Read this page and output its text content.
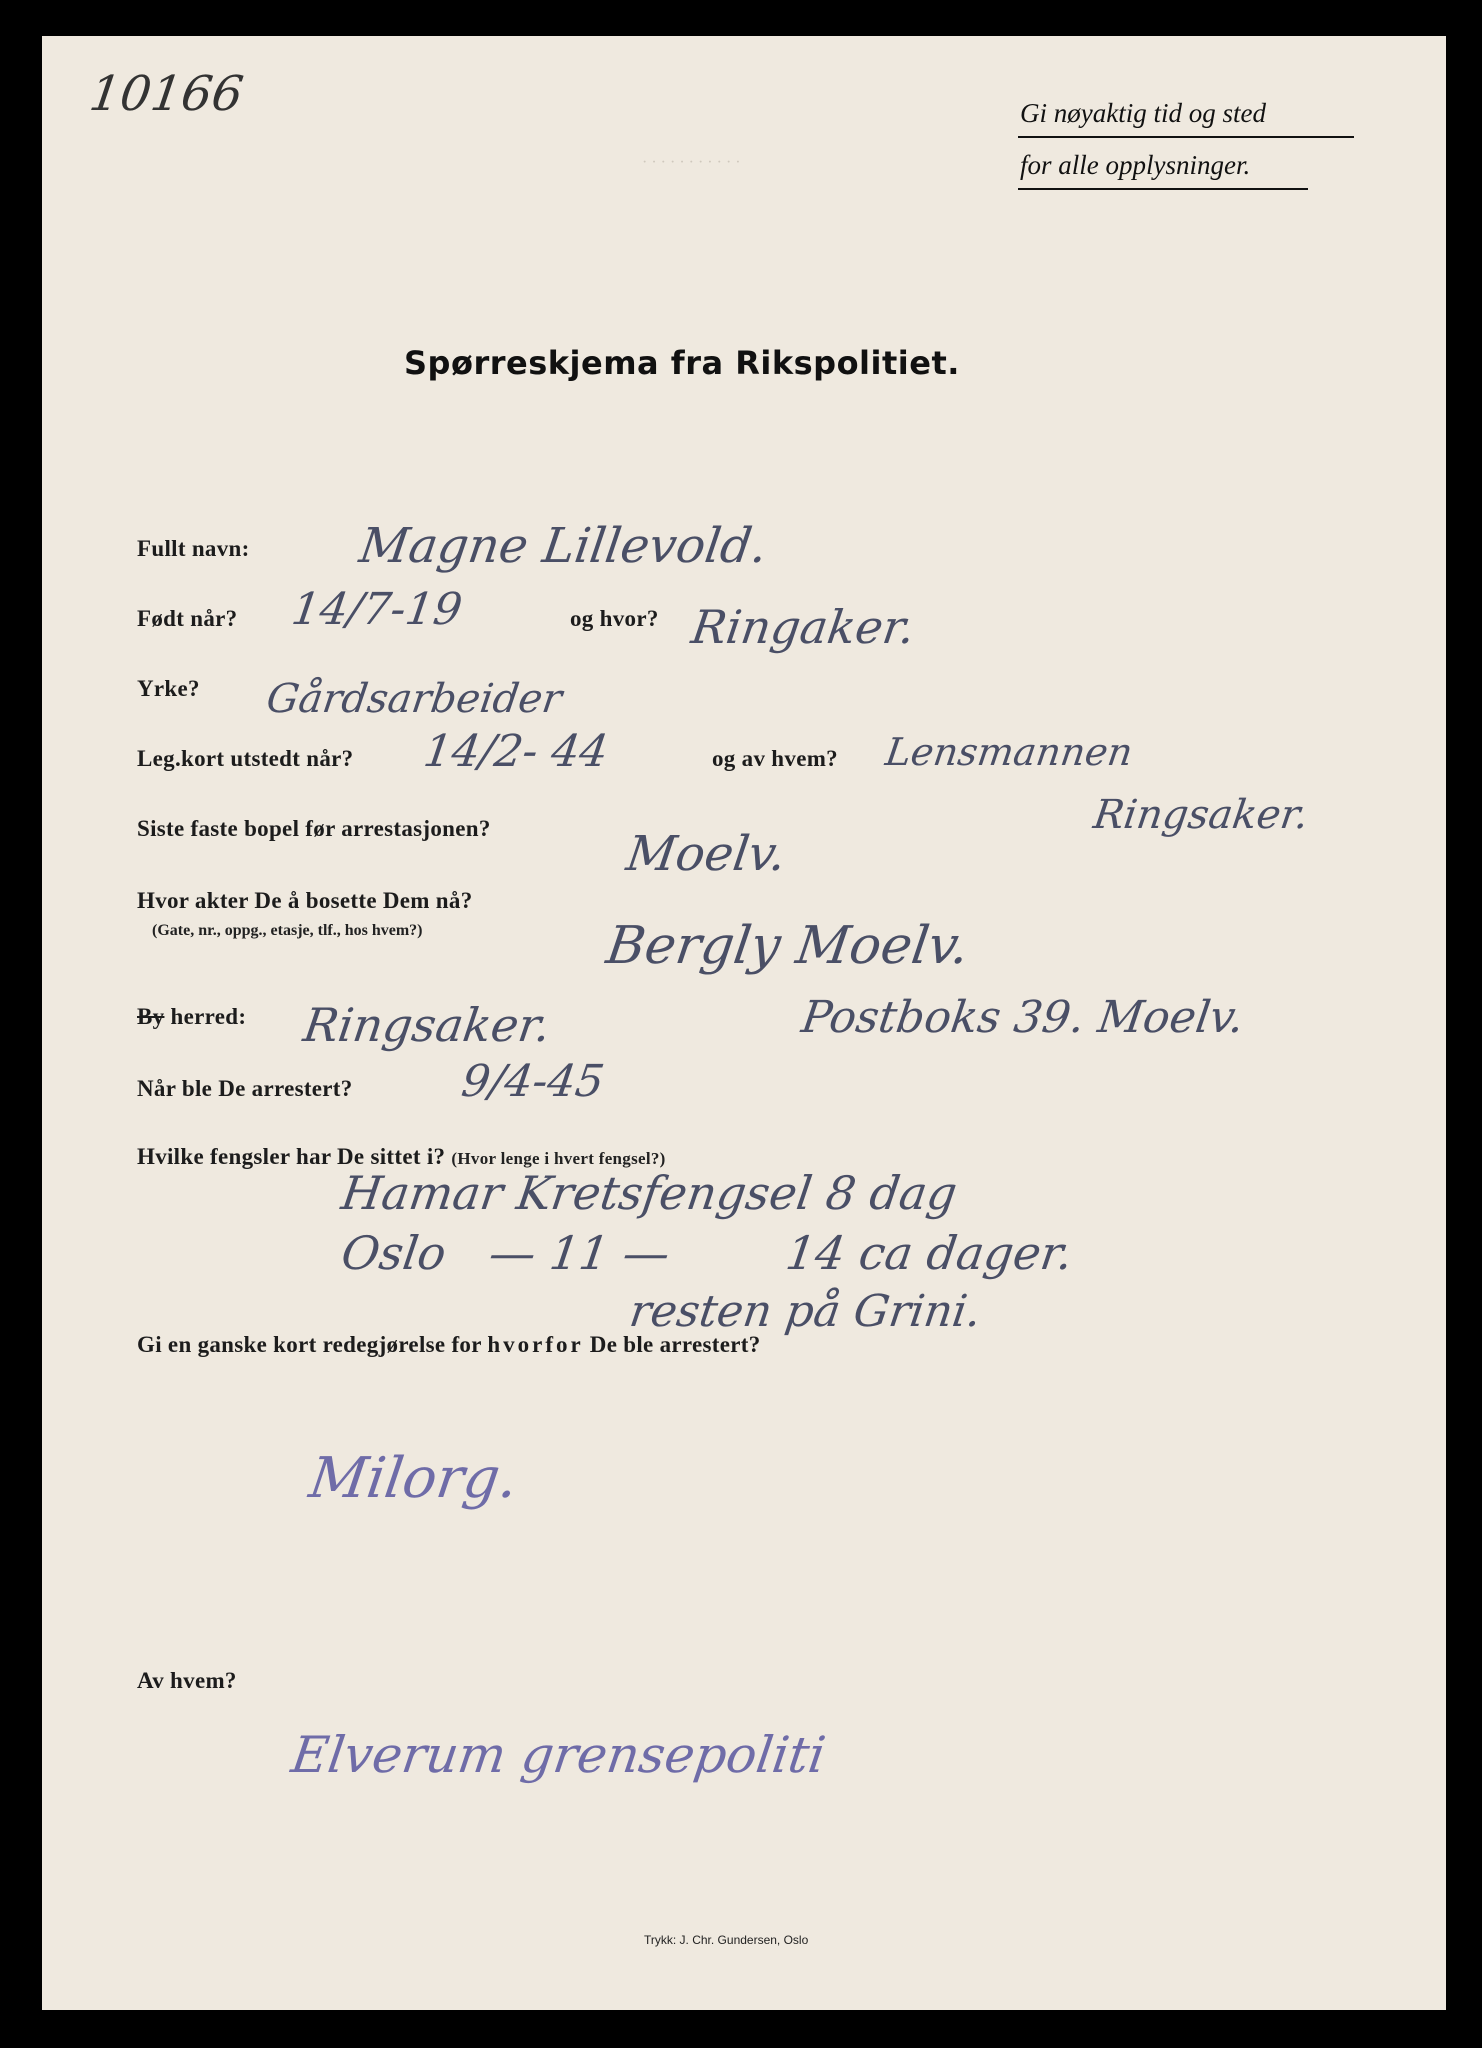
10166	Gi nøyaktig tid og sted
for alle opplysninger.
· · · · · · · · · · ·
Spørreskjema fra Rikspolitiet.
Fullt navn: Magne Lillevold.
Født når? 14/7-19	og hvor? Ringaker.
Yrke? Gårdsarbeider
Leg.kort utstedt når? 14/2- 44	og av hvem? Lensmannen
Ringsaker.
Siste faste bopel før arrestasjonen?	Moelv.
Hvor akter De å bosette Dem nå?
(Gate, nr., oppg., etasje, tlf., hos hvem?)	Bergly Moelv.
Postboks 39. Moelv.
By herred: Ringsaker.
Når ble De arrestert? 9/4-45
Hvilke fengsler har De sittet i? (Hvor lenge i hvert fengsel?)
Hamar Kretsfengsel 8 dag
Oslo   — 11 —        14 ca dager.
resten på Grini.
Gi en ganske kort redegjørelse for hvorfor De ble arrestert?
Milorg.
Av hvem?
Elverum grensepoliti
Trykk: J. Chr. Gundersen, Oslo
